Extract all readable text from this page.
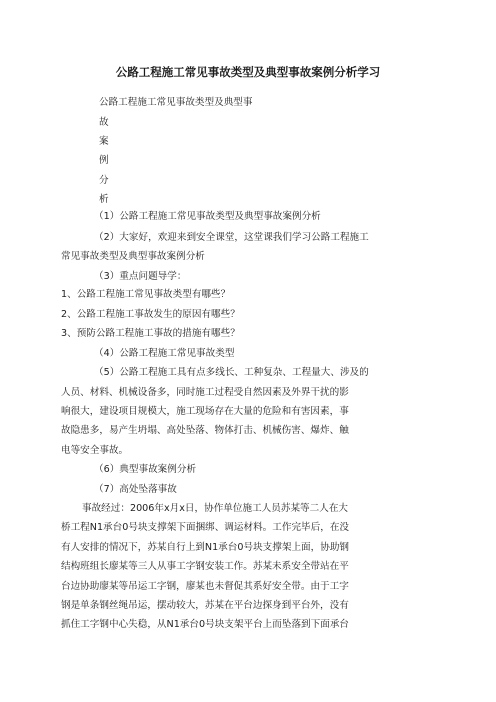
公路工程施工常见事故类型及典型事故案例分析学习
公路工程施工常见事故类型及典型事
故
案
例
分
析
（1）公路工程施工常见事故类型及典型事故案例分析
（2）大家好，欢迎来到安全课堂，这堂课我们学习公路工程施工
常见事故类型及典型事故案例分析
（3）重点问题导学：
1、公路工程施工常见事故类型有哪些？
2、公路工程施工事故发生的原因有哪些？
3、预防公路工程施工事故的措施有哪些？
（4）公路工程施工常见事故类型
（5）公路工程施工具有点多线长、工种复杂、工程量大、涉及的
人员、材料、机械设备多，同时施工过程受自然因素及外界干扰的影
响很大，建设项目规模大，施工现场存在大量的危险和有害因素，事
故隐患多，易产生坍塌、高处坠落、物体打击、机械伤害、爆炸、触
电等安全事故。
（6）典型事故案例分析
（7）高处坠落事故
事故经过：2006年x月x日，协作单位施工人员苏某等二人在大
桥工程N1承台0号块支撑架下面捆绑、调运材料。工作完毕后，在没
有人安排的情况下，苏某自行上到N1承台0号块支撑架上面，协助钢
结构班组长廖某等三人从事工字钢安装工作。苏某未系安全带站在平
台边协助廖某等吊运工字钢，廖某也未督促其系好安全带。由于工字
钢是单条钢丝绳吊运，摆动较大，苏某在平台边探身到平台外，没有
抓住工字钢中心失稳，从N1承台0号块支架平台上而坠落到下面承台
